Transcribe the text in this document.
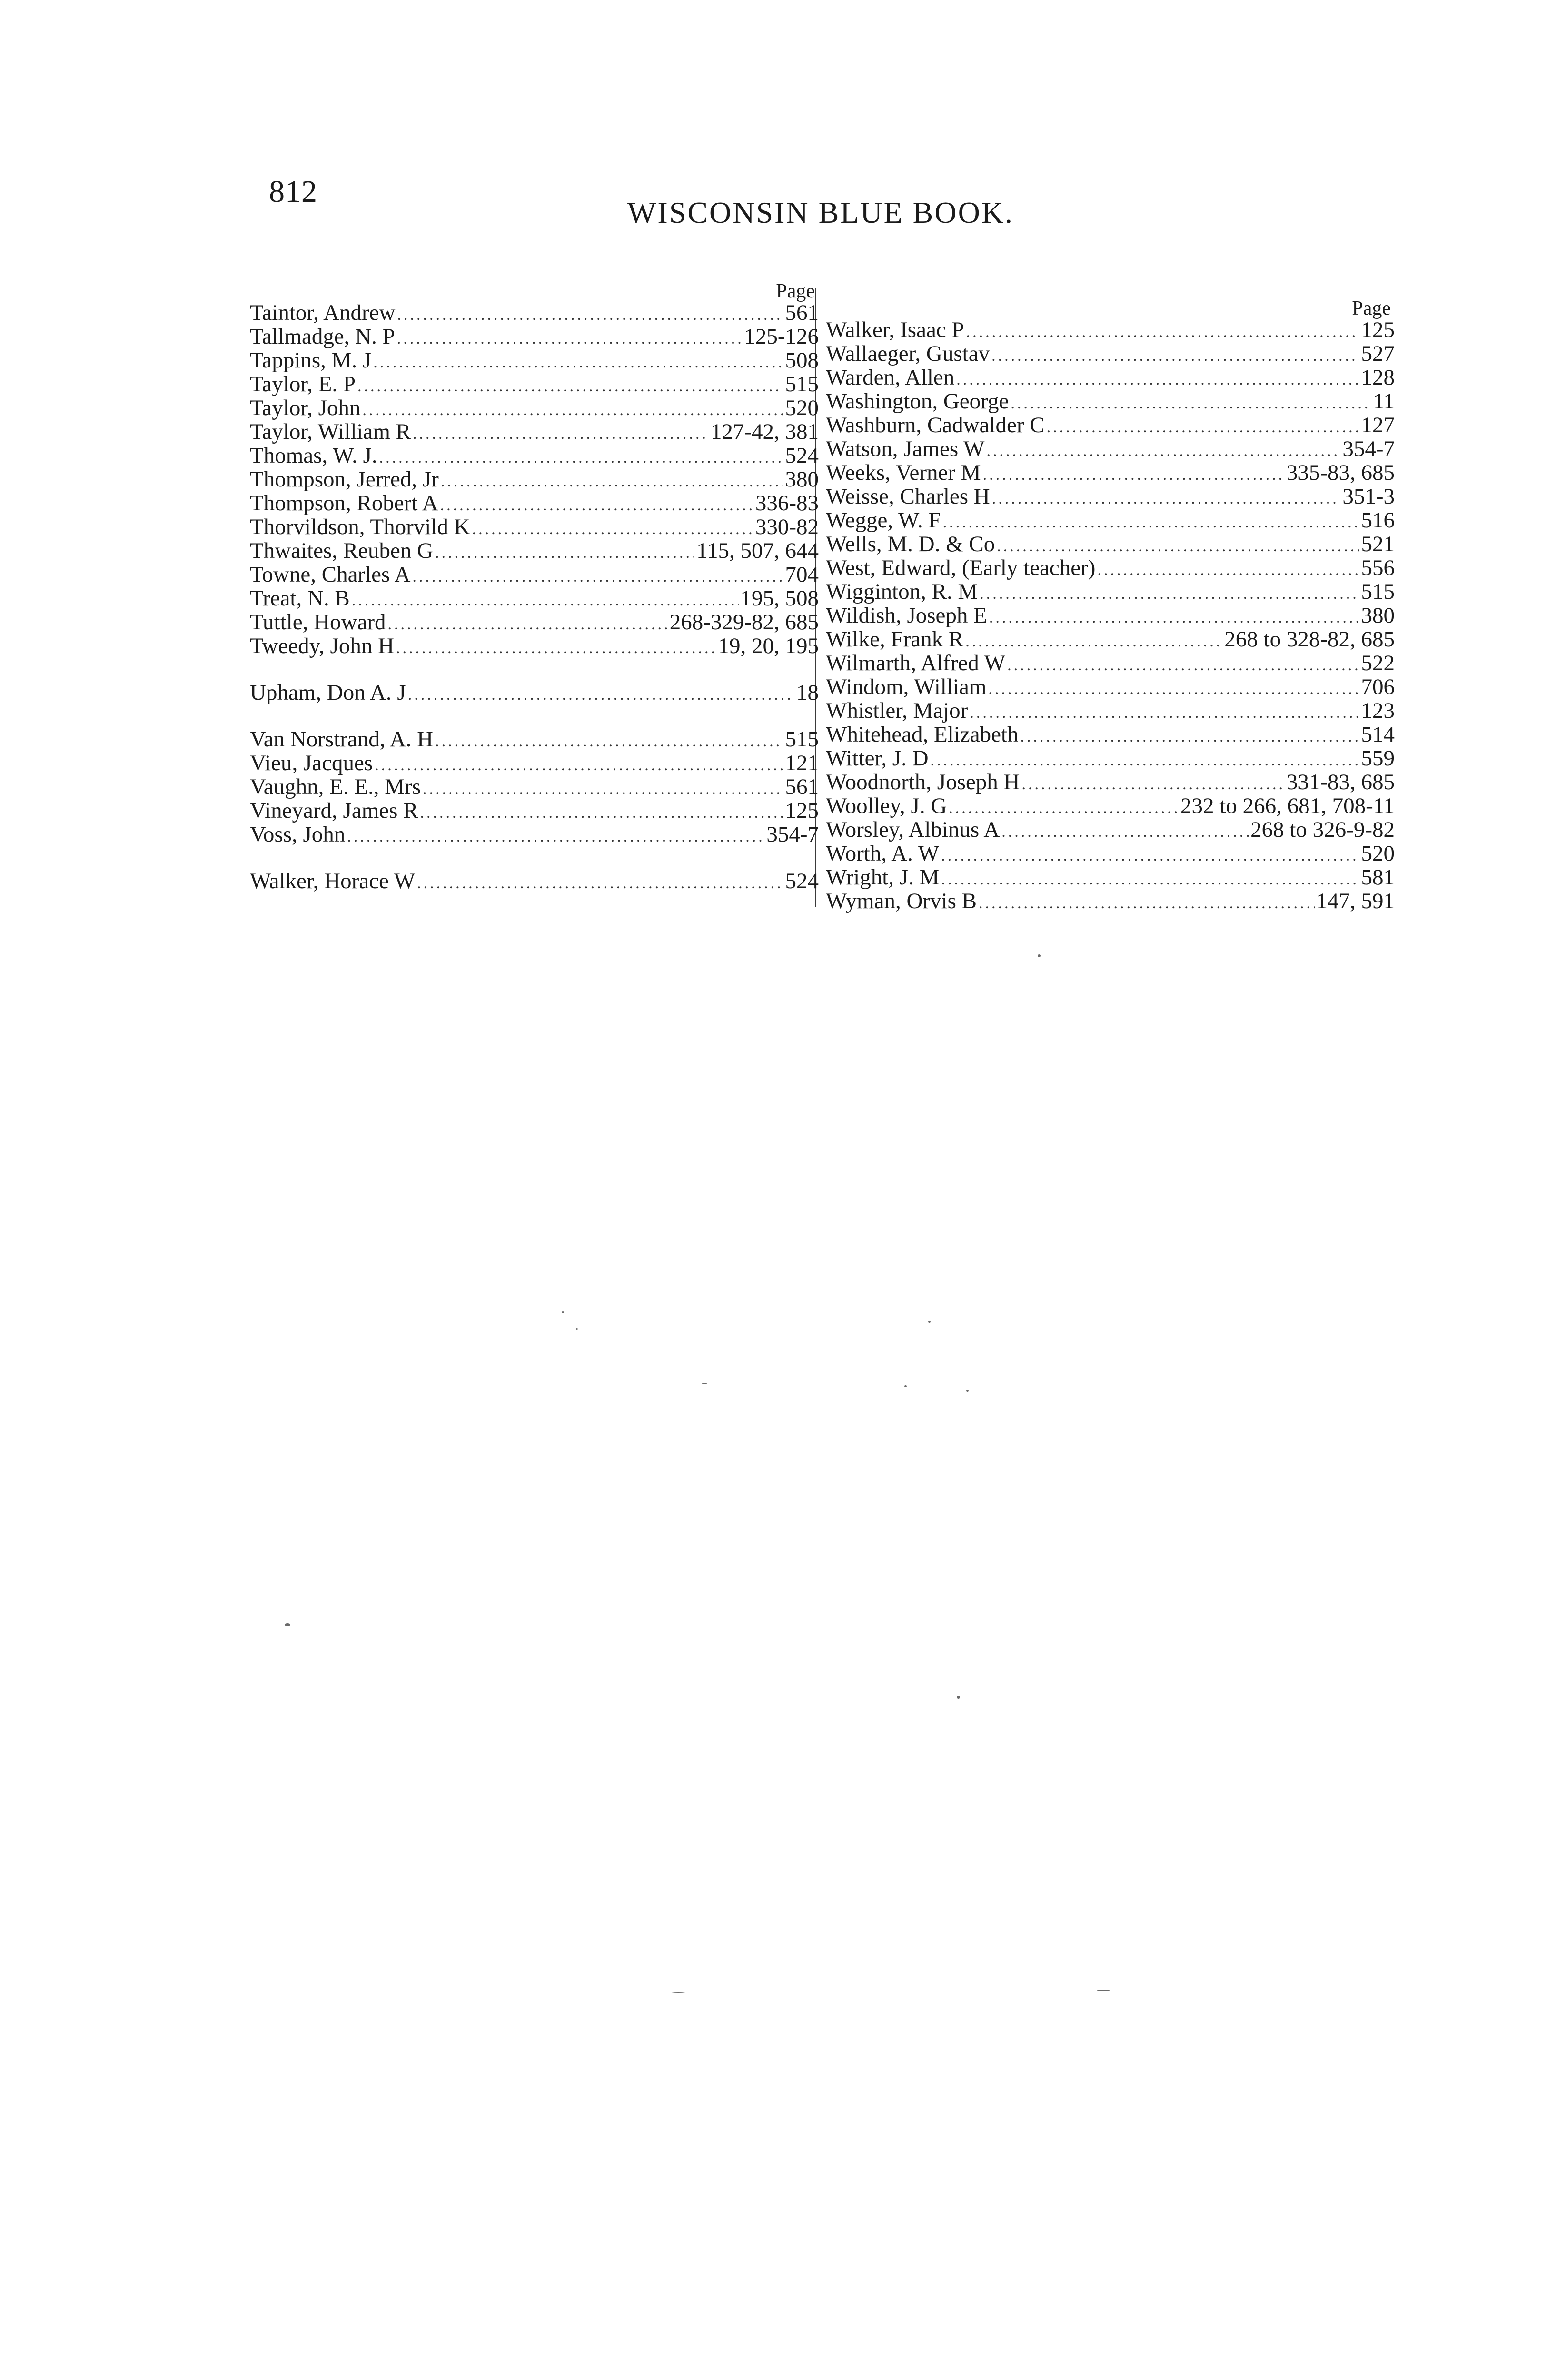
812
WISCONSIN BLUE BOOK.
Page
Taintor, Andrew .....	561
Tallmadge, N. P .....	125-126
Tappins, M. J .....	508
Taylor, E. P .....	515
Taylor, John .....	520
Taylor, William R .....	127-42, 381
Thomas, W. J. .....	524
Thompson, Jerred, Jr .....	380
Thompson, Robert A .....	336-83
Thorvildson, Thorvild K .....	330-82
Thwaites, Reuben G .....	115, 507, 644
Towne, Charles A .....	704
Treat, N. B .....	195, 508
Tuttle, Howard .....	268-329-82, 685
Tweedy, John H .....	19, 20, 195
Upham, Don A. J .....	18
Van Norstrand, A. H .....	515
Vieu, Jacques .....	121
Vaughn, E. E., Mrs .....	561
Vineyard, James R .....	125
Voss, John .....	354-7
Walker, Horace W .....	524
Page
Walker, Isaac P .....	125
Wallaeger, Gustav .....	527
Warden, Allen .....	128
Washington, George .....	11
Washburn, Cadwalder C .....	127
Watson, James W .....	354-7
Weeks, Verner M .....	335-83, 685
Weisse, Charles H .....	351-3
Wegge, W. F .....	516
Wells, M. D. & Co .....	521
West, Edward, (Early teacher) .....	556
Wigginton, R. M .....	515
Wildish, Joseph E .....	380
Wilke, Frank R .....	268 to 328-82, 685
Wilmarth, Alfred W .....	522
Windom, William .....	706
Whistler, Major .....	123
Whitehead, Elizabeth .....	514
Witter, J. D .....	559
Woodnorth, Joseph H .....	331-83, 685
Woolley, J. G .....	232 to 266, 681, 708-11
Worsley, Albinus A .....	268 to 326-9-82
Worth, A. W .....	520
Wright, J. M .....	581
Wyman, Orvis B .....	147, 591
